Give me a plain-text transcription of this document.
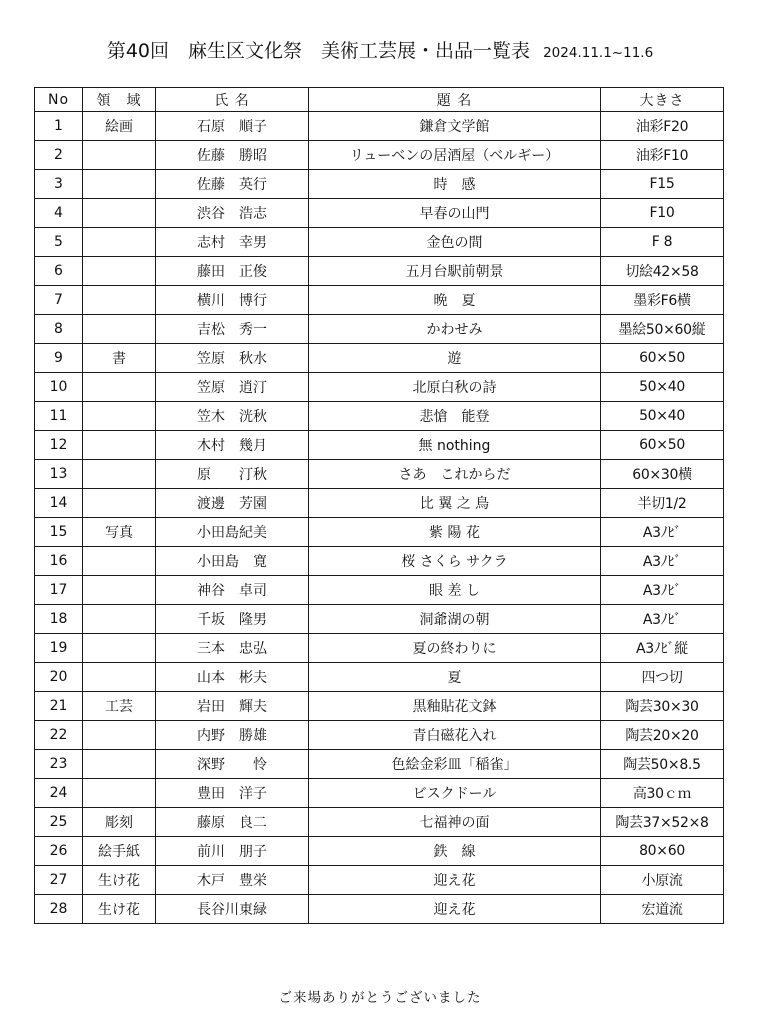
第40回　麻生区文化祭　美術工芸展・出品一覧表 2024.11.1~11.6
No	領　域	氏 名	題 名	大きさ
1	絵画	石原　順子	鎌倉文学館	油彩F20
2		佐藤　勝昭	リューベンの居酒屋（ベルギー）	油彩F10
3		佐藤　英行	時　感	F15
4		渋谷　浩志	早春の山門	F10
5		志村　幸男	金色の間	F 8
6		藤田　正俊	五月台駅前朝景	切絵42×58
7		横川　博行	晩　夏	墨彩F6横
8		吉松　秀一	かわせみ	墨絵50×60縦
9	書	笠原　秋水	遊	60×50
10		笠原　逍汀	北原白秋の詩	50×40
11		笠木　洸秋	悲愴　能登	50×40
12		木村　幾月	無 nothing	60×50
13		原　　汀秋	さあ　これからだ	60×30横
14		渡邊　芳園	比 翼 之 鳥	半切1/2
15	写真	小田島紀美	紫 陽 花	A3ﾉﾋﾞ
16		小田島　寛	桜 さくら サクラ	A3ﾉﾋﾞ
17		神谷　卓司	眼 差 し	A3ﾉﾋﾞ
18		千坂　隆男	洞爺湖の朝	A3ﾉﾋﾞ
19		三本　忠弘	夏の終わりに	A3ﾉﾋﾞ縦
20		山本　彬夫	夏	四つ切
21	工芸	岩田　輝夫	黒釉貼花文鉢	陶芸30×30
22		内野　勝雄	青白磁花入れ	陶芸20×20
23		深野　　怜	色絵金彩皿「稲雀」	陶芸50×8.5
24		豊田　洋子	ビスクドール	高30ｃｍ
25	彫刻	藤原　良二	七福神の面	陶芸37×52×8
26	絵手紙	前川　朋子	鉄　線	80×60
27	生け花	木戸　豊栄	迎え花	小原流
28	生け花	長谷川東緑	迎え花	宏道流
ご来場ありがとうございました
